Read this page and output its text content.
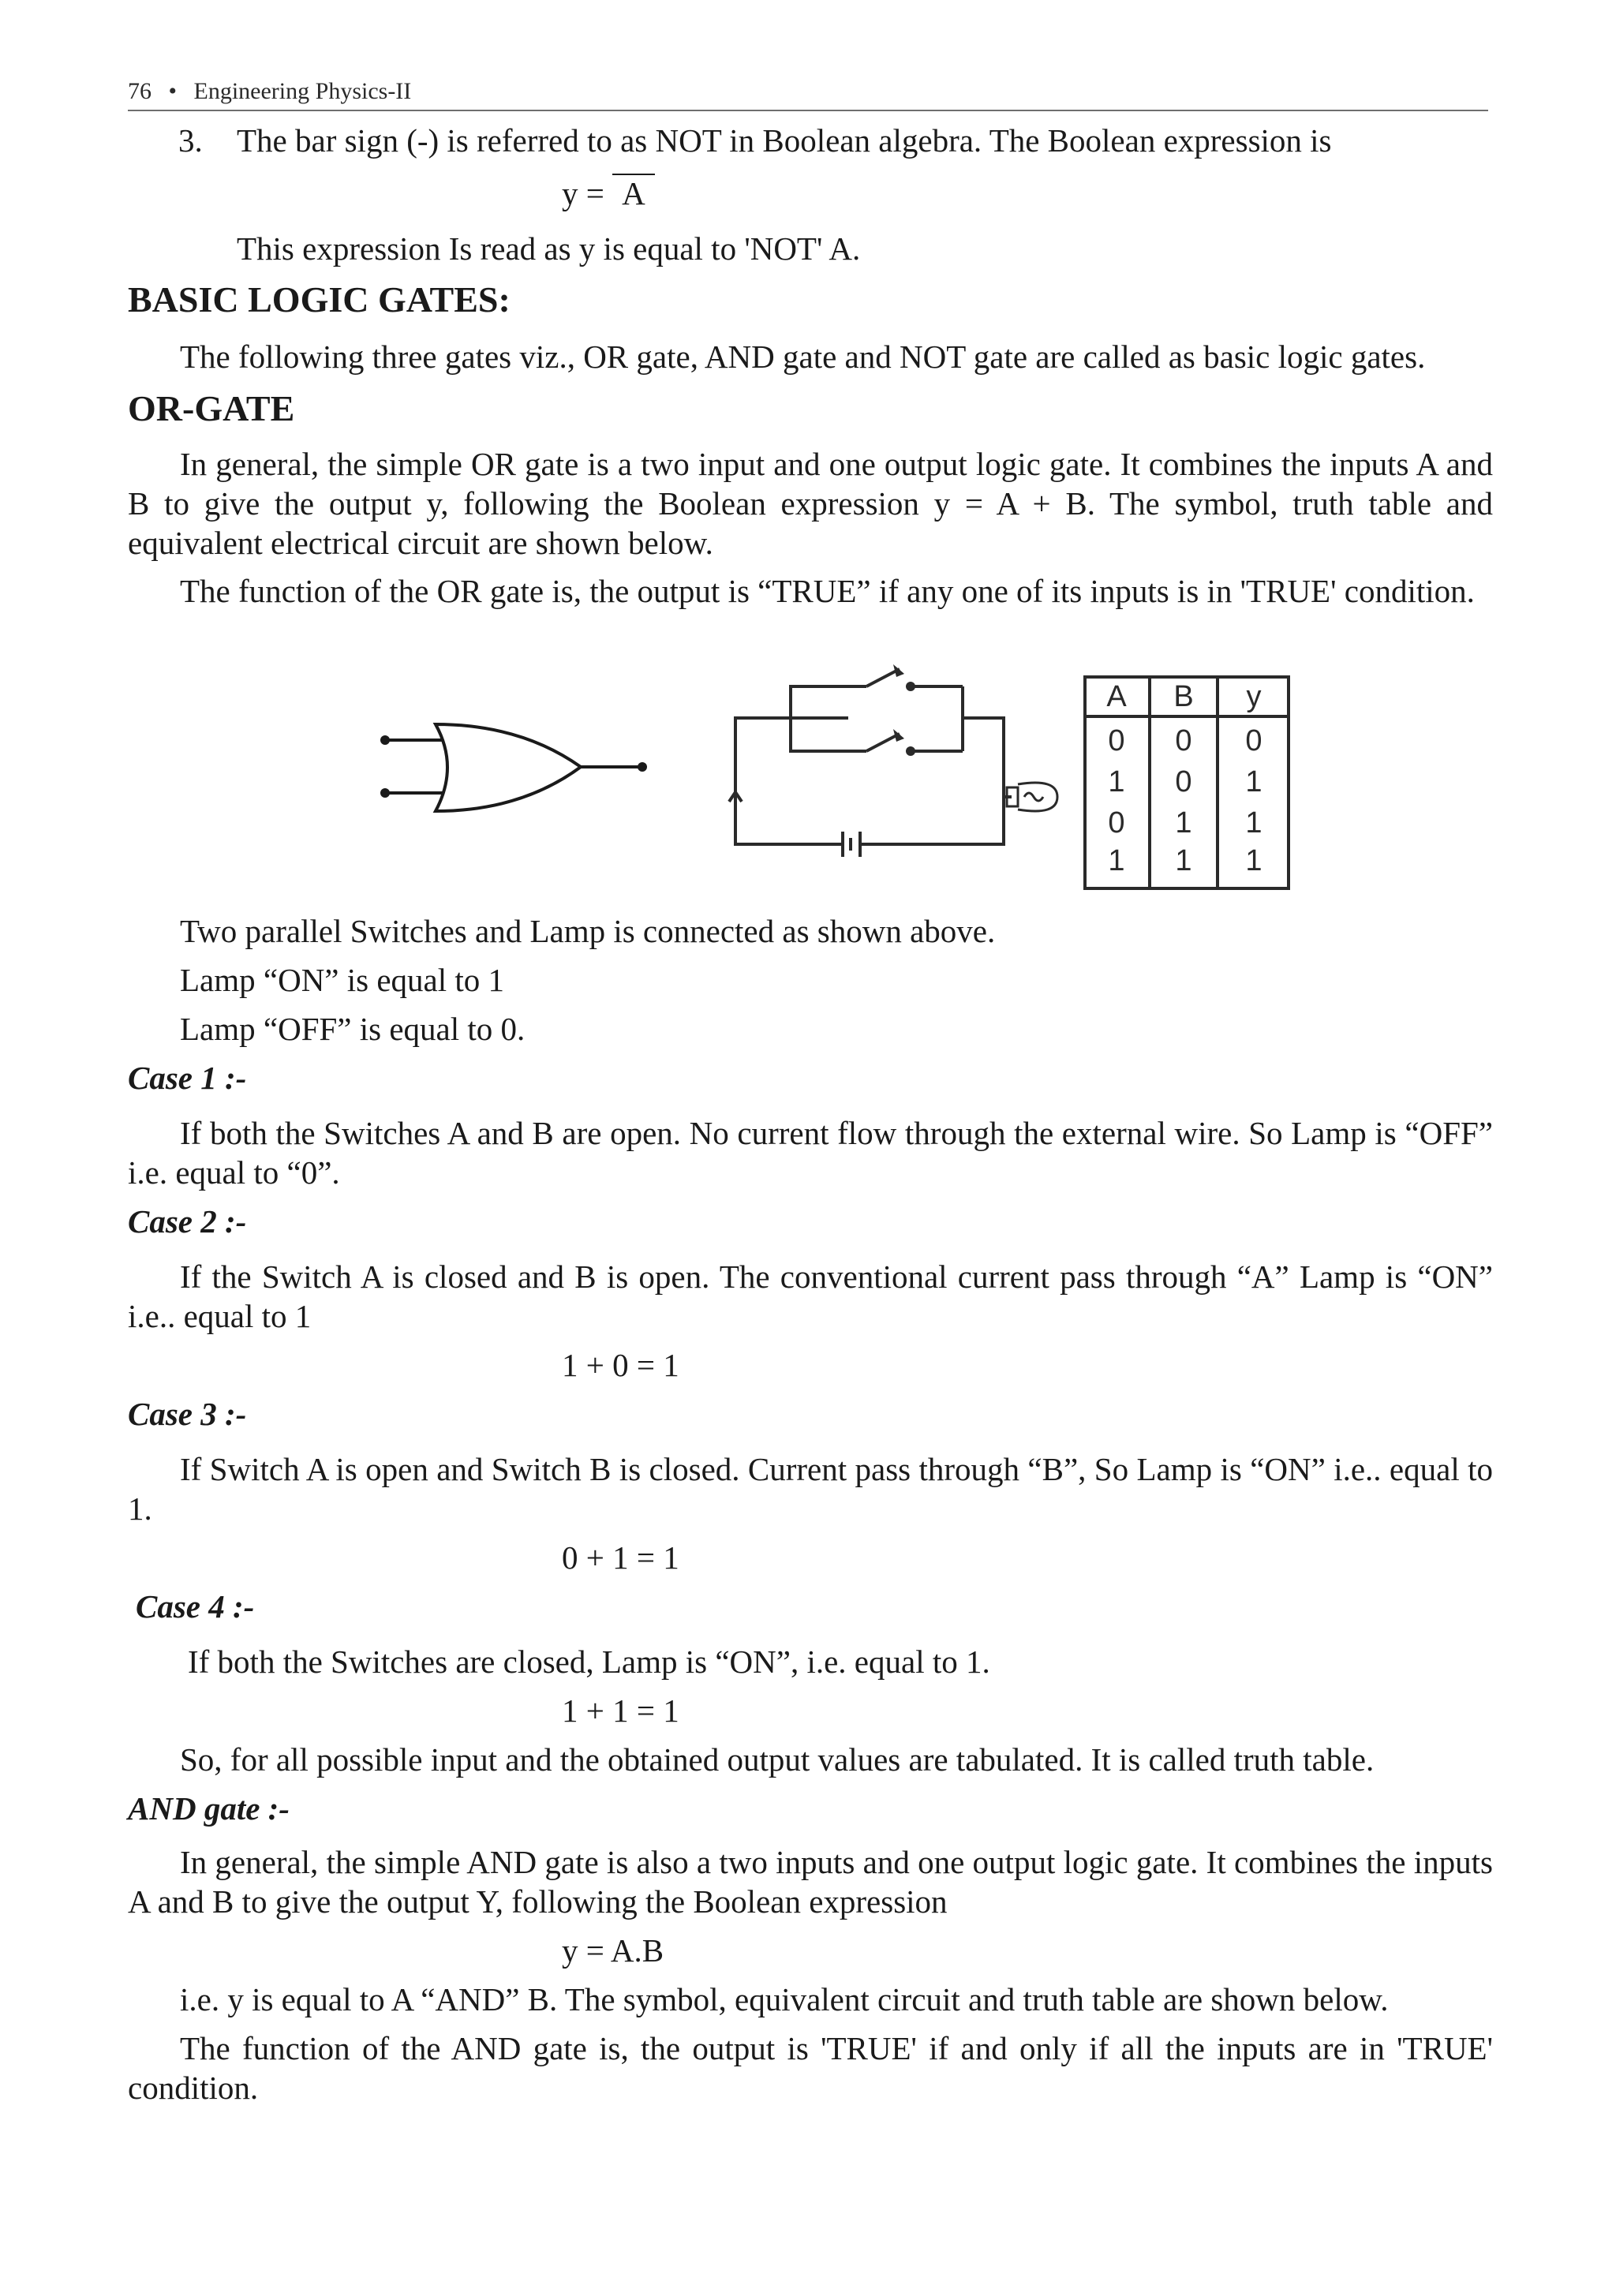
76 • Engineering Physics-II
3. The bar sign (-) is referred to as NOT in Boolean algebra. The Boolean expression is
y = A
This expression Is read as y is equal to 'NOT' A.
BASIC LOGIC GATES:
The following three gates viz., OR gate, AND gate and NOT gate are called as basic logic gates.
OR-GATE
In general, the simple OR gate is a two input and one output logic gate. It combines the inputs A and B to give the output y, following the Boolean expression y = A + B. The symbol, truth table and equivalent electrical circuit are shown below.
The function of the OR gate is, the output is “TRUE” if any one of its inputs is in 'TRUE' condition.
A	B	y
0	0	0
1	0	1
0	1	1
1	1	1
Two parallel Switches and Lamp is connected as shown above.
Lamp “ON” is equal to 1
Lamp “OFF” is equal to 0.
Case 1 :-
If both the Switches A and B are open. No current flow through the external wire. So Lamp is “OFF” i.e. equal to “0”.
Case 2 :-
If the Switch A is closed and B is open. The conventional current pass through “A” Lamp is “ON” i.e.. equal to 1
1 + 0 = 1
Case 3 :-
If Switch A is open and Switch B is closed. Current pass through “B”, So Lamp is “ON” i.e.. equal to 1.
0 + 1 = 1
Case 4 :-
If both the Switches are closed, Lamp is “ON”, i.e. equal to 1.
1 + 1 = 1
So, for all possible input and the obtained output values are tabulated. It is called truth table.
AND gate :-
In general, the simple AND gate is also a two inputs and one output logic gate. It combines the inputs A and B to give the output Y, following the Boolean expression
y = A.B
i.e. y is equal to A “AND” B. The symbol, equivalent circuit and truth table are shown below.
The function of the AND gate is, the output is 'TRUE' if and only if all the inputs are in 'TRUE' condition.
